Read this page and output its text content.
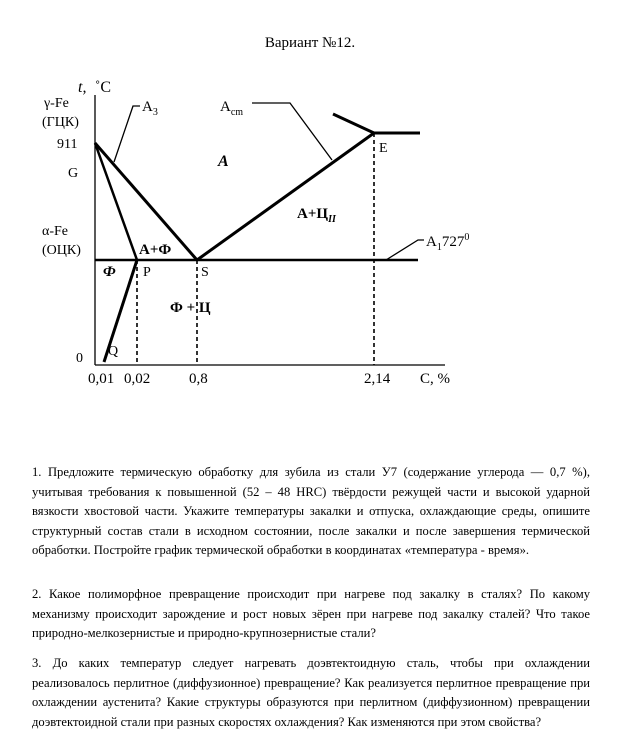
Вариант №12.
t, ˚C
γ-Fe
(ГЦК)
911
G
α-Fe
(ОЦК)
0
$A_3$	$A_{cm}$
$A_1727^0$
E
P	S
Q
А
$А+Ц_{II}$
А+Ф
Ф
Ф + Ц
0,01 0,02	0,8	2,14 С, %

1. Предложите термическую обработку для зубила из стали У7 (содержание углерода — 0,7 %), учитывая требования к повышенной (52 – 48 HRC) твёрдости режущей части и высокой ударной вязкости хвостовой части. Укажите температуры закалки и отпуска, охлаждающие среды, опишите структурный состав стали в исходном состоянии, после закалки и после завершения термической обработки. Постройте график термической обработки в координатах «температура - время».

2. Какое полиморфное превращение происходит при нагреве под закалку в сталях? По какому механизму происходит зарождение и рост новых зёрен при нагреве под закалку сталей? Что такое природно-мелкозернистые и природно-крупнозернистые стали?

3. До каких температур следует нагревать доэвтектоидную сталь, чтобы при охлаждении реализовалось перлитное (диффузионное) превращение? Как реализуется перлитное превращение при охлаждении аустенита? Какие структуры образуются при перлитном (диффузионном) превращении доэвтектоидной стали при разных скоростях охлаждения? Как изменяются при этом свойства?
